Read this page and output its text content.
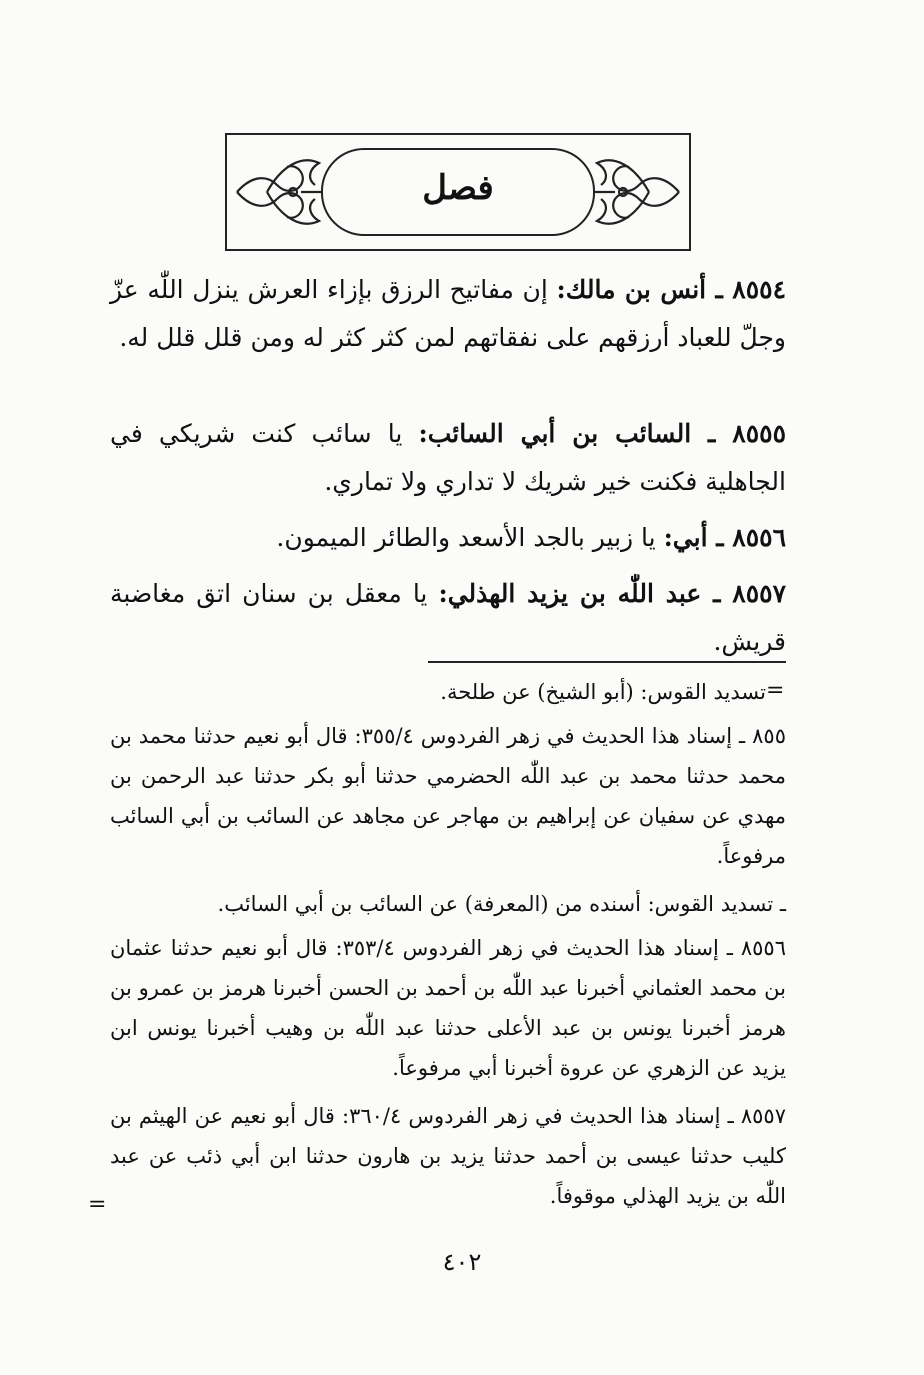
فصل

٨٥٥٤ ـ أنس بن مالك: إن مفاتيح الرزق بإزاء العرش ينزل اللّٰه عزّ وجلّ للعباد أرزقهم على نفقاتهم لمن كثر كثر له ومن قلل قلل له.

٨٥٥٥ ـ السائب بن أبي السائب: يا سائب كنت شريكي في الجاهلية فكنت خير شريك لا تداري ولا تماري.

٨٥٥٦ ـ أبي: يا زبير بالجد الأسعد والطائر الميمون.

٨٥٥٧ ـ عبد اللّٰه بن يزيد الهذلي: يا معقل بن سنان اتق مغاضبة قريش.

=

تسديد القوس: (أبو الشيخ) عن طلحة.

٨٥٥ ـ إسناد هذا الحديث في زهر الفردوس ٣٥٥/٤: قال أبو نعيم حدثنا محمد بن محمد حدثنا محمد بن عبد اللّٰه الحضرمي حدثنا أبو بكر حدثنا عبد الرحمن بن مهدي عن سفيان عن إبراهيم بن مهاجر عن مجاهد عن السائب بن أبي السائب مرفوعاً.

ـ تسديد القوس: أسنده من (المعرفة) عن السائب بن أبي السائب.

٨٥٥٦ ـ إسناد هذا الحديث في زهر الفردوس ٣٥٣/٤: قال أبو نعيم حدثنا عثمان بن محمد العثماني أخبرنا عبد اللّٰه بن أحمد بن الحسن أخبرنا هرمز بن عمرو بن هرمز أخبرنا يونس بن عبد الأعلى حدثنا عبد اللّٰه بن وهيب أخبرنا يونس ابن يزيد عن الزهري عن عروة أخبرنا أبي مرفوعاً.

٨٥٥٧ ـ إسناد هذا الحديث في زهر الفردوس ٣٦٠/٤: قال أبو نعيم عن الهيثم بن كليب حدثنا عيسى بن أحمد حدثنا يزيد بن هارون حدثنا ابن أبي ذئب عن عبد اللّٰه بن يزيد الهذلي موقوفاً.

=
٤٠٢
